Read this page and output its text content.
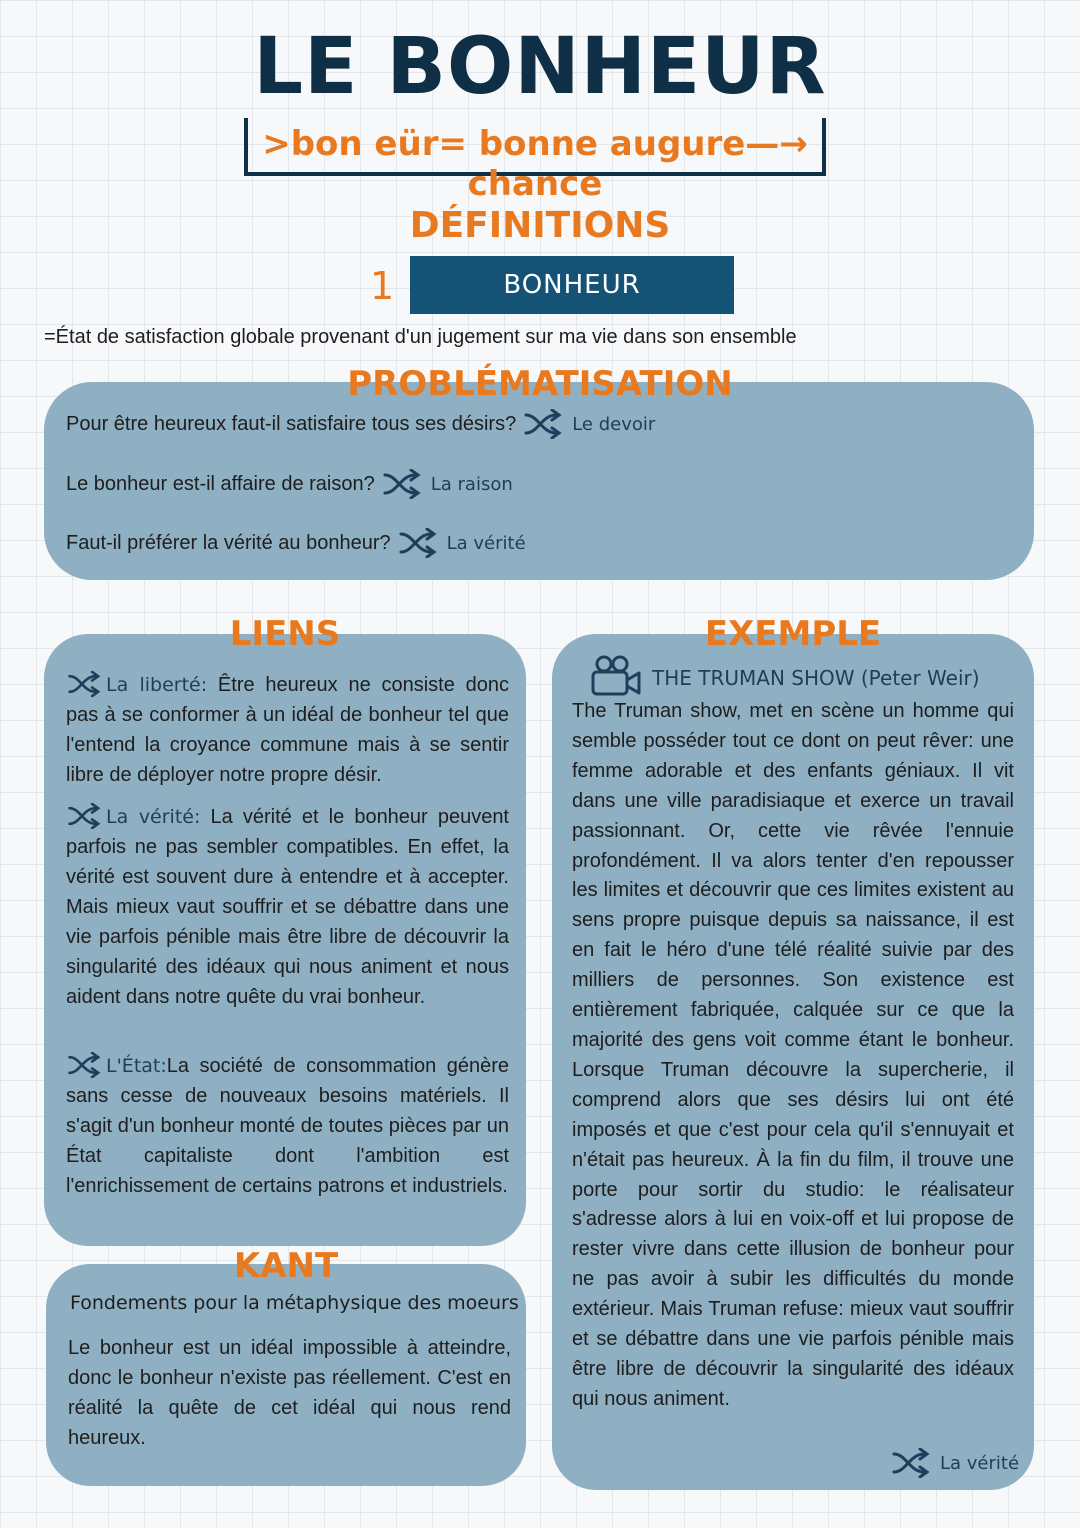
LE BONHEUR
>bon eür= bonne augure—→ chance
DÉFINITIONS
1	BONHEUR
=État de satisfaction globale provenant d'un jugement sur ma vie dans son ensemble
PROBLÉMATISATION
Pour être heureux faut-il satisfaire tous ses désirs?	Le devoir
Le bonheur est-il affaire de raison?	La raison
Faut-il préférer la vérité au bonheur?	La vérité
LIENS
La liberté: Être heureux ne consiste donc pas à se conformer à un idéal de bonheur tel que l'entend la croyance commune mais à se sentir libre de déployer notre propre désir.
La vérité: La vérité et le bonheur peuvent parfois ne pas sembler compatibles. En effet, la vérité est souvent dure à entendre et à accepter. Mais mieux vaut souffrir et se débattre dans une vie parfois pénible mais être libre de découvrir la singularité des idéaux qui nous animent et nous aident dans notre quête du vrai bonheur.
L'État:La société de consommation génère sans cesse de nouveaux besoins matériels. Il s'agit d'un bonheur monté de toutes pièces par un État capitaliste dont l'ambition est l'enrichissement de certains patrons et industriels.
KANT
Fondements pour la métaphysique des moeurs
Le bonheur est un idéal impossible à atteindre, donc le bonheur n'existe pas réellement. C'est en réalité la quête de cet idéal qui nous rend heureux.
EXEMPLE
THE TRUMAN SHOW (Peter Weir)
The Truman show, met en scène un homme qui semble posséder tout ce dont on peut rêver: une femme adorable et des enfants géniaux. Il vit dans une ville paradisiaque et exerce un travail passionnant. Or, cette vie rêvée l'ennuie profondément. Il va alors tenter d'en repousser les limites et découvrir que ces limites existent au sens propre puisque depuis sa naissance, il est en fait le héro d'une télé réalité suivie par des milliers de personnes. Son existence est entièrement fabriquée, calquée sur ce que la majorité des gens voit comme étant le bonheur. Lorsque Truman découvre la supercherie, il comprend alors que ses désirs lui ont été imposés et que c'est pour cela qu'il s'ennuyait et n'était pas heureux. À la fin du film, il trouve une porte pour sortir du studio: le réalisateur s'adresse alors à lui en voix-off et lui propose de rester vivre dans cette illusion de bonheur pour ne pas avoir à subir les difficultés du monde extérieur. Mais Truman refuse: mieux vaut souffrir et se débattre dans une vie parfois pénible mais être libre de découvrir la singularité des idéaux qui nous animent.
La vérité
